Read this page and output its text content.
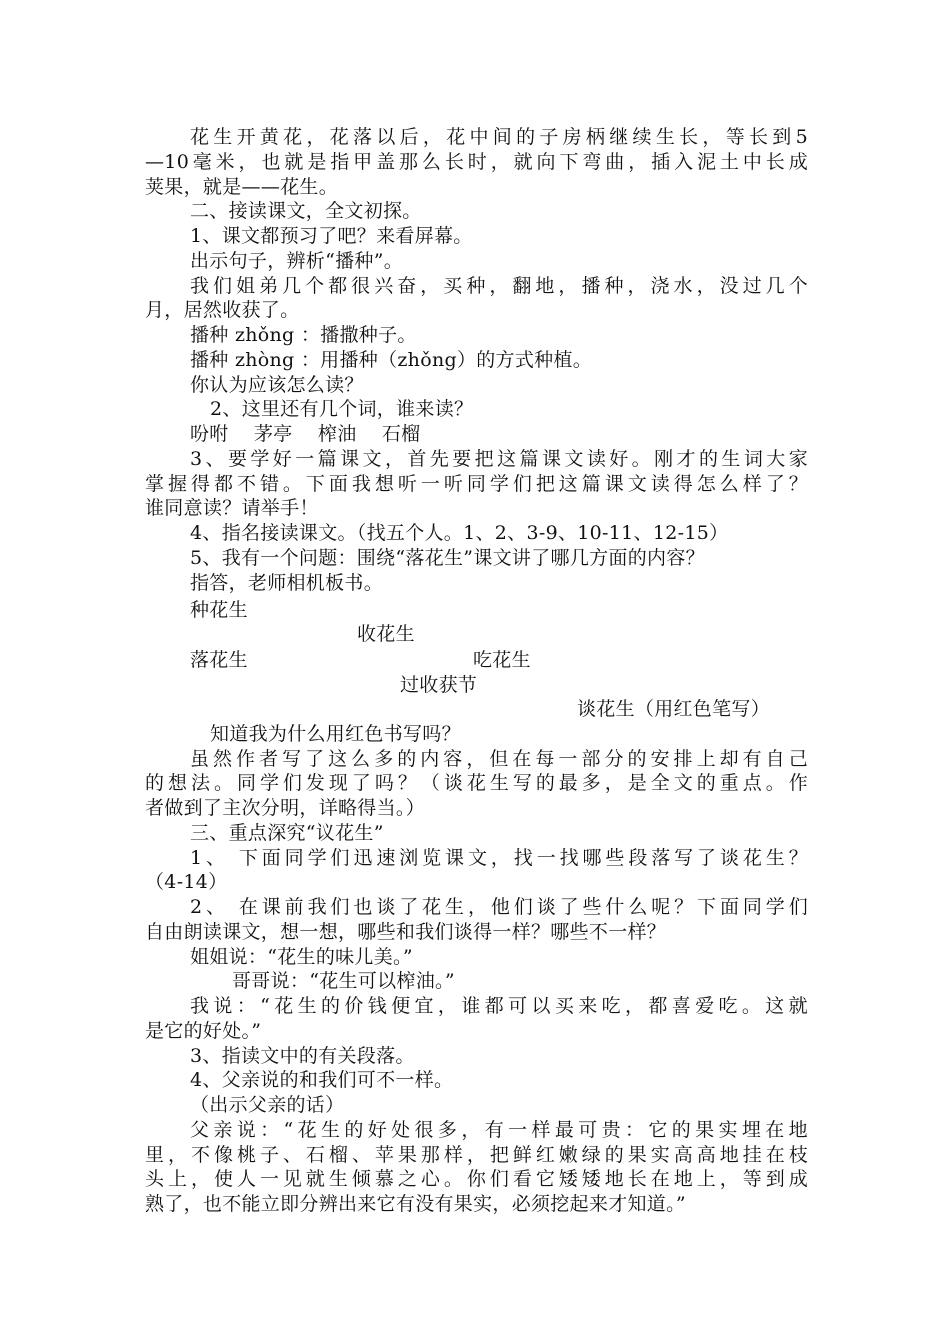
花生开黄花，花落以后，花中间的子房柄继续生长，等长到5
—10毫米，也就是指甲盖那么长时，就向下弯曲，插入泥土中长成
荚果，就是——花生。
二、接读课文，全文初探。
1、课文都预习了吧？来看屏幕。
出示句子，辨析“播种”。
我们姐弟几个都很兴奋，买种，翻地，播种，浇水，没过几个
月，居然收获了。
播种 zhǒng ：播撒种子。
播种 zhòng ：用播种（zhǒng）的方式种植。
你认为应该怎么读？
2、这里还有几个词，谁来读？
吩咐    茅亭    榨油    石榴
3、要学好一篇课文，首先要把这篇课文读好。刚才的生词大家
掌握得都不错。下面我想听一听同学们把这篇课文读得怎么样了？
谁同意读？请举手！
4、指名接读课文。（找五个人。1、2、3-9、10-11、12-15）
5、我有一个问题：围绕“落花生”课文讲了哪几方面的内容？
指答，老师相机板书。
种花生
收花生
落花生	吃花生
过收获节
谈花生（用红色笔写）
知道我为什么用红色书写吗？
虽然作者写了这么多的内容，但在每一部分的安排上却有自己
的想法。同学们发现了吗？（谈花生写的最多，是全文的重点。作
者做到了主次分明，详略得当。）
三、重点深究“议花生”
1、 下面同学们迅速浏览课文，找一找哪些段落写了谈花生？
（4-14）
2、 在课前我们也谈了花生，他们谈了些什么呢？下面同学们
自由朗读课文，想一想，哪些和我们谈得一样？哪些不一样？
姐姐说：“花生的味儿美。”
哥哥说：“花生可以榨油。”
我说：“花生的价钱便宜，谁都可以买来吃，都喜爱吃。这就
是它的好处。”
3、指读文中的有关段落。
4、父亲说的和我们可不一样。
（出示父亲的话）
父亲说：“花生的好处很多，有一样最可贵：它的果实埋在地
里，不像桃子、石榴、苹果那样，把鲜红嫩绿的果实高高地挂在枝
头上，使人一见就生倾慕之心。你们看它矮矮地长在地上，等到成
熟了，也不能立即分辨出来它有没有果实，必须挖起来才知道。”
